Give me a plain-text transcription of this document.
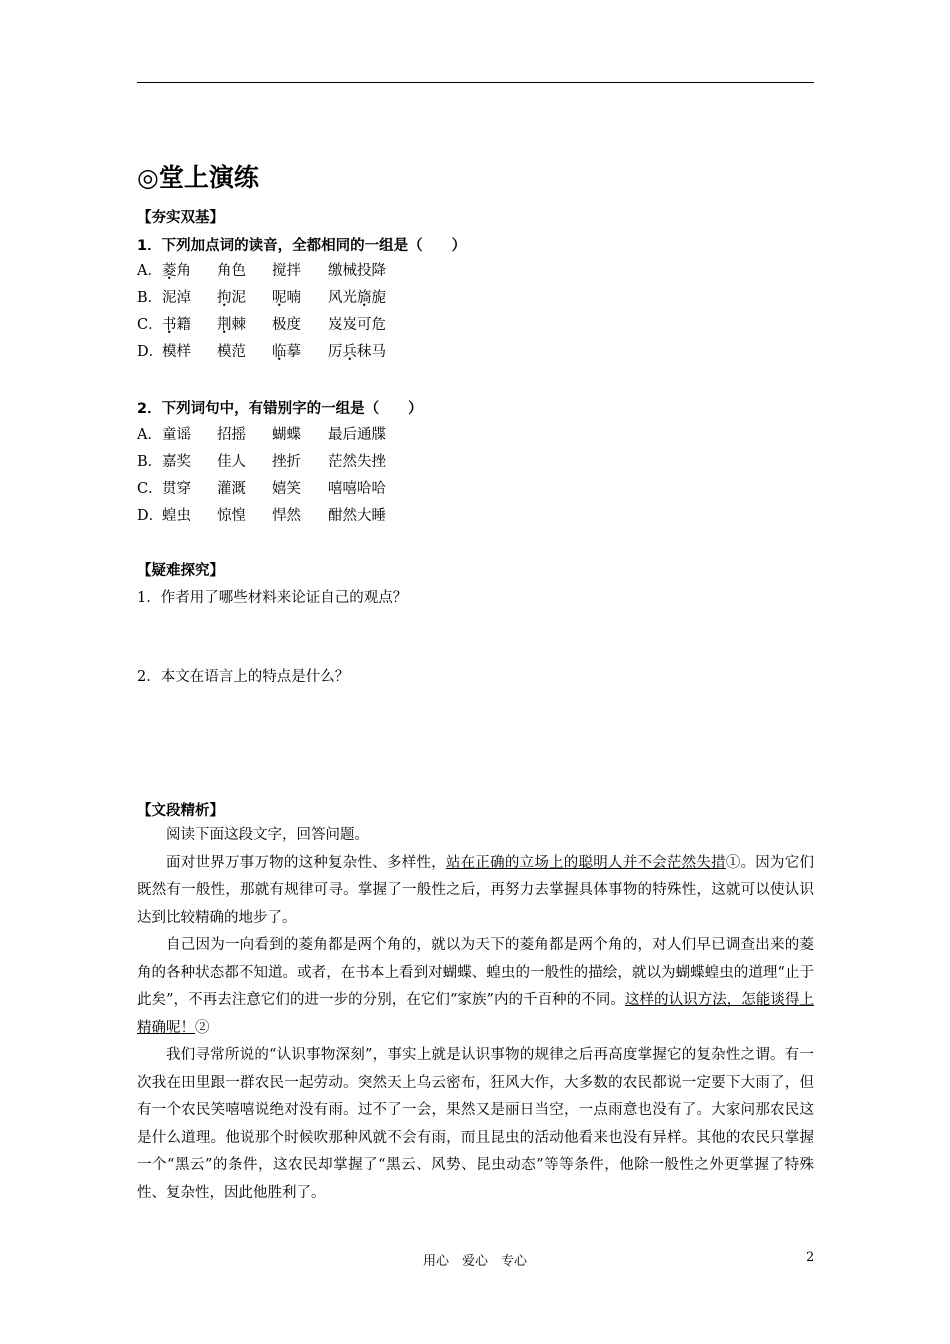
◎堂上演练
【夯实双基】
1．下列加点词的读音，全都相同的一组是（　　）
A． 菱角 角色 搅拌 缴械投降
B． 泥淖 拘泥 呢喃 风光旖旎
C． 书籍 荆棘 极度 岌岌可危
D．
模样 模范 临摹 厉兵秣马
2．下列词句中，有错别字的一组是（　　）
A． 童谣 招摇 蝴蝶 最后通牒
B． 嘉奖 佳人 挫折 茫然失挫
C． 贯穿 灌溉 嬉笑 嘻嘻哈哈
D．
蝗虫 惊惶 悍然 酣然大睡
【疑难探究】
1．作者用了哪些材料来论证自己的观点？
2．本文在语言上的特点是什么？
【文段精析】

阅读下面这段文字，回答问题。

面对世界万事万物的这种复杂性、多样性，站在正确的立场上的聪明人并不会茫然失措①。因为它们既然有一般性，那就有规律可寻。掌握了一般性之后，再努力去掌握具体事物的特殊性，这就可以使认识达到比较精确的地步了。

自己因为一向看到的菱角都是两个角的，就以为天下的菱角都是两个角的，对人们早已调查出来的菱角的各种状态都不知道。或者，在书本上看到对蝴蝶、蝗虫的一般性的描绘，就以为蝴蝶蝗虫的道理“止于此矣”，不再去注意它们的进一步的分别，在它们“家族”内的千百种的不同。这样的认识方法，怎能谈得上精确呢！②

我们寻常所说的“认识事物深刻”，事实上就是认识事物的规律之后再高度掌握它的复杂性之谓。有一次我在田里跟一群农民一起劳动。突然天上乌云密布，狂风大作，大多数的农民都说一定要下大雨了，但有一个农民笑嘻嘻说绝对没有雨。过不了一会，果然又是丽日当空，一点雨意也没有了。大家问那农民这是什么道理。他说那个时候吹那种风就不会有雨，而且昆虫的活动他看来也没有异样。其他的农民只掌握一个“黑云”的条件，这农民却掌握了“黑云、风势、昆虫动态”等等条件，他除一般性之外更掌握了特殊性、复杂性，因此他胜利了。

用心　爱心　专心	2
